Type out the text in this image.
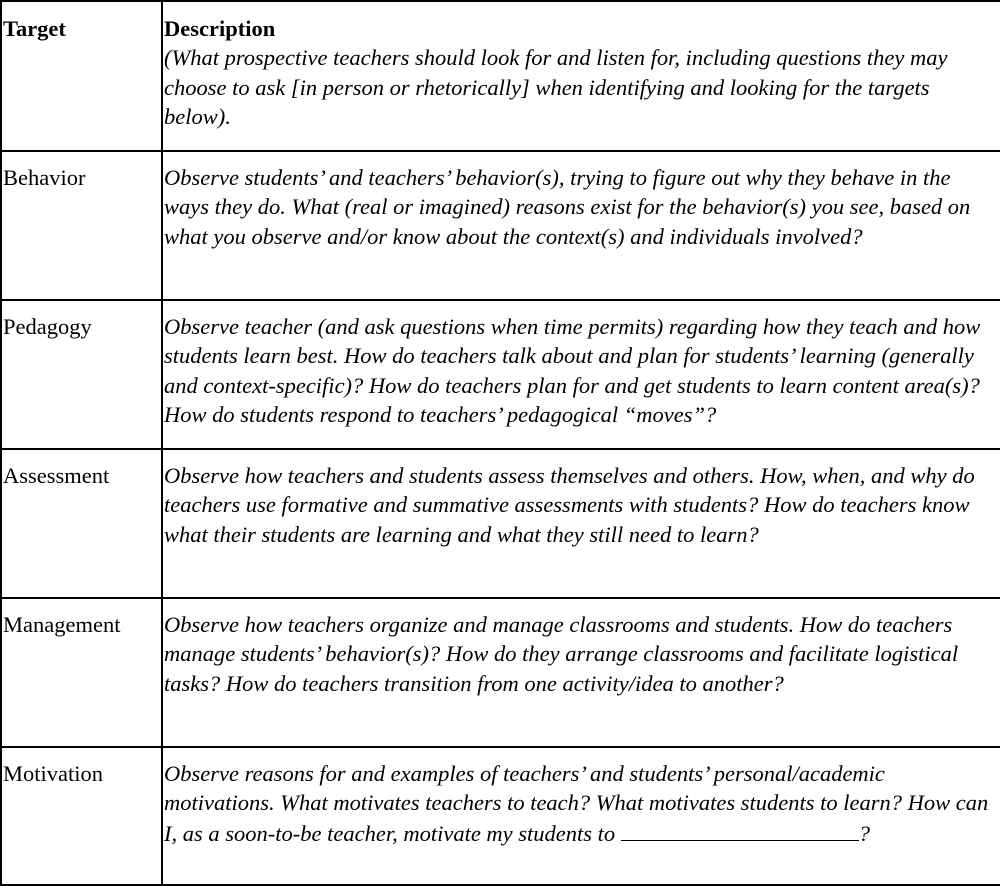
Target	Description
(What prospective teachers should look for and listen for, including questions they may choose to ask [in person or rhetorically] when identifying and looking for the targets below).
Behavior	Observe students’ and teachers’ behavior(s), trying to figure out why they behave in the ways they do. What (real or imagined) reasons exist for the behavior(s) you see, based on what you observe and/or know about the context(s) and individuals involved?
Pedagogy	Observe teacher (and ask questions when time permits) regarding how they teach and how students learn best. How do teachers talk about and plan for students’ learning (generally and context-specific)? How do teachers plan for and get students to learn content area(s)? How do students respond to teachers’ pedagogical “moves”?
Assessment	Observe how teachers and students assess themselves and others. How, when, and why do teachers use formative and summative assessments with students? How do teachers know what their students are learning and what they still need to learn?
Management	Observe how teachers organize and manage classrooms and students. How do teachers manage students’ behavior(s)? How do they arrange classrooms and facilitate logistical tasks? How do teachers transition from one activity/idea to another?
Motivation	Observe reasons for and examples of teachers’ and students’ personal/academic motivations. What motivates teachers to teach? What motivates students to learn? How can I, as a soon-to-be teacher, motivate my students to ?
